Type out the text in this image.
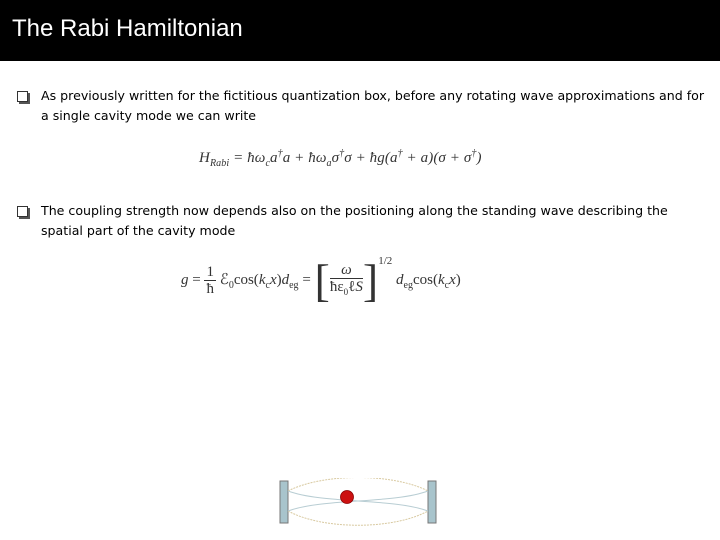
The Rabi Hamiltonian
As previously written for the fictitious quantization box, before any rotating wave approximations and for a single cavity mode we can write
$H_{Rabi}$ = $ħ\omega_ca^\dagger a$ + $ħ\omega_a\sigma^\dagger\sigma$ + ħg(a† + a)(σ + σ†)
The coupling strength now depends also on the positioning along the standing wave describing the spatial part of the cavity mode
$g = \frac{1}{ħ}$ $ℰ_0\cos(k_cx)d_{eg}$ = [ $\frac{\omega}{ħ\varepsilon_0\ell S} ]^{1/2}$ $d_{eg}\cos(k_cx)$
